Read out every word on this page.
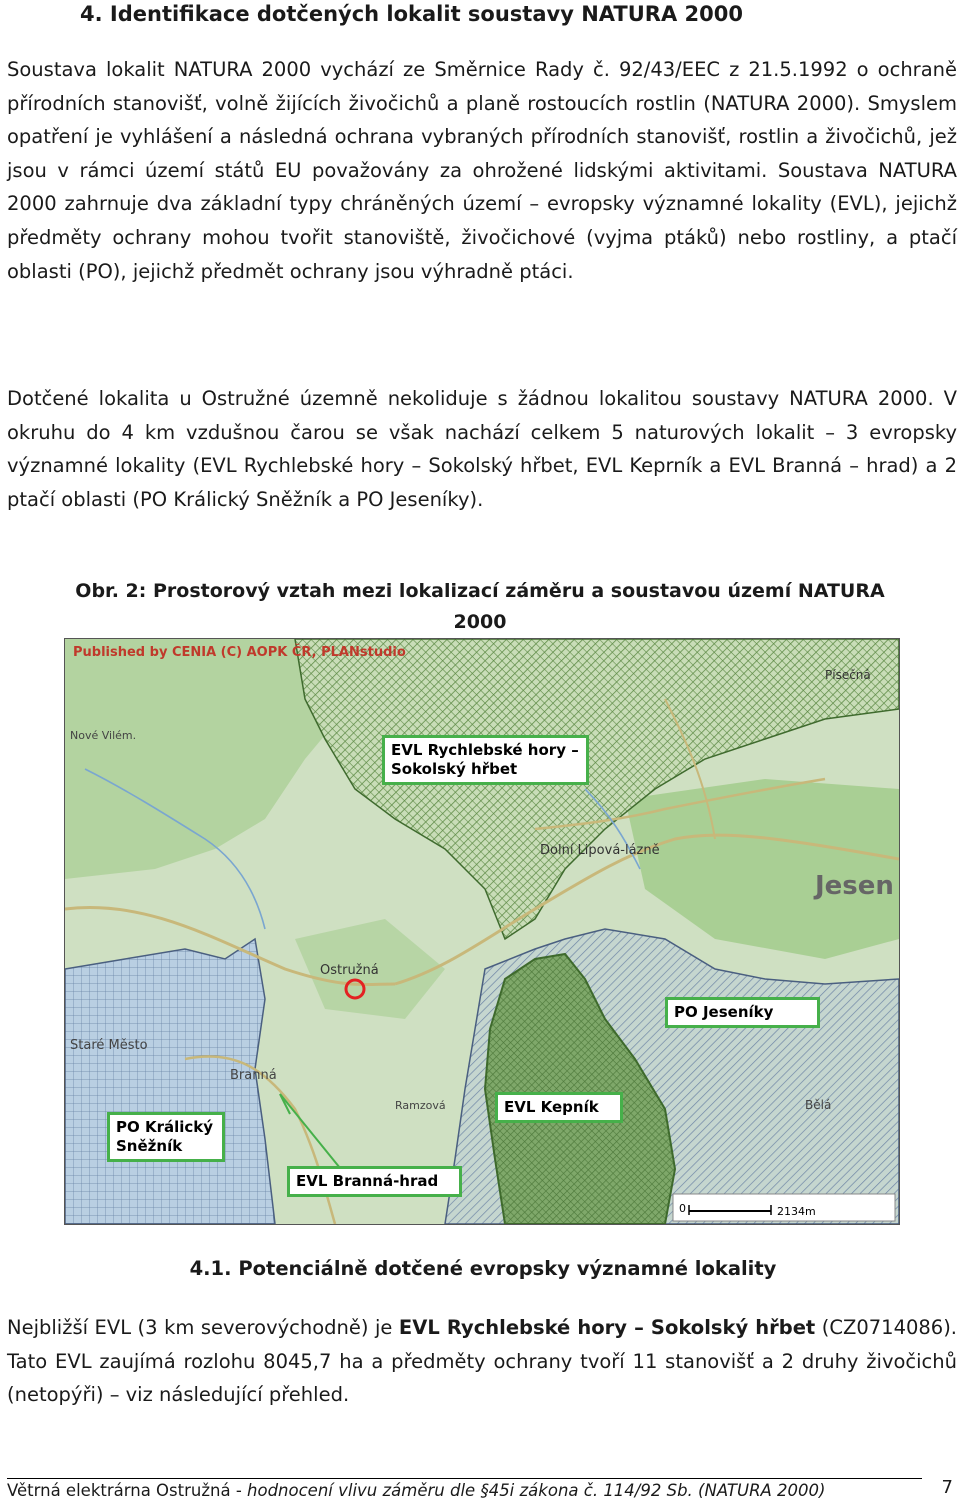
4. Identifikace dotčených lokalit soustavy NATURA 2000

Soustava lokalit NATURA 2000 vychází ze Směrnice Rady č. 92/43/EEC z 21.5.1992 o ochraně přírodních stanovišť, volně žijících živočichů a planě rostoucích rostlin (NATURA 2000). Smyslem opatření je vyhlášení a následná ochrana vybraných přírodních stanovišť, rostlin a živočichů, jež jsou v rámci území států EU považovány za ohrožené lidskými aktivitami. Soustava NATURA 2000 zahrnuje dva základní typy chráněných území – evropsky významné lokality (EVL), jejichž předměty ochrany mohou tvořit stanoviště, živočichové (vyjma ptáků) nebo rostliny, a ptačí oblasti (PO), jejichž předmět ochrany jsou výhradně ptáci.

Dotčené lokalita u Ostružné územně nekoliduje s žádnou lokalitou soustavy NATURA 2000. V okruhu do 4 km vzdušnou čarou se však nachází celkem 5 naturových lokalit – 3 evropsky významné lokality (EVL Rychlebské hory – Sokolský hřbet, EVL Keprník a EVL Branná – hrad) a 2 ptačí oblasti (PO Králický Sněžník a PO Jeseníky).

Obr. 2: Prostorový vztah mezi lokalizací záměru a soustavou území NATURA
2000
Ostružná
Dolní Lipová-lázně
Jesen
Písečná
Staré Město
Branná
Bělá
Nové Vilém.
Ramzová
Published by CENIA (C) AOPK ČR, PLANstudio
0	2134m
EVL Rychlebské hory – Sokolský hřbet
PO Jeseníky
EVL Kepník
PO Králický Sněžník
EVL Branná-hrad
4.1. Potenciálně dotčené evropsky významné lokality

Nejbližší EVL (3 km severovýchodně) je EVL Rychlebské hory – Sokolský hřbet (CZ0714086). Tato EVL zaujímá rozlohu 8045,7 ha a předměty ochrany tvoří 11 stanovišť a 2 druhy živočichů (netopýři) – viz následující přehled.

Větrná elektrárna Ostružná - hodnocení vlivu záměru dle §45i zákona č. 114/92 Sb. (NATURA 2000)	7
